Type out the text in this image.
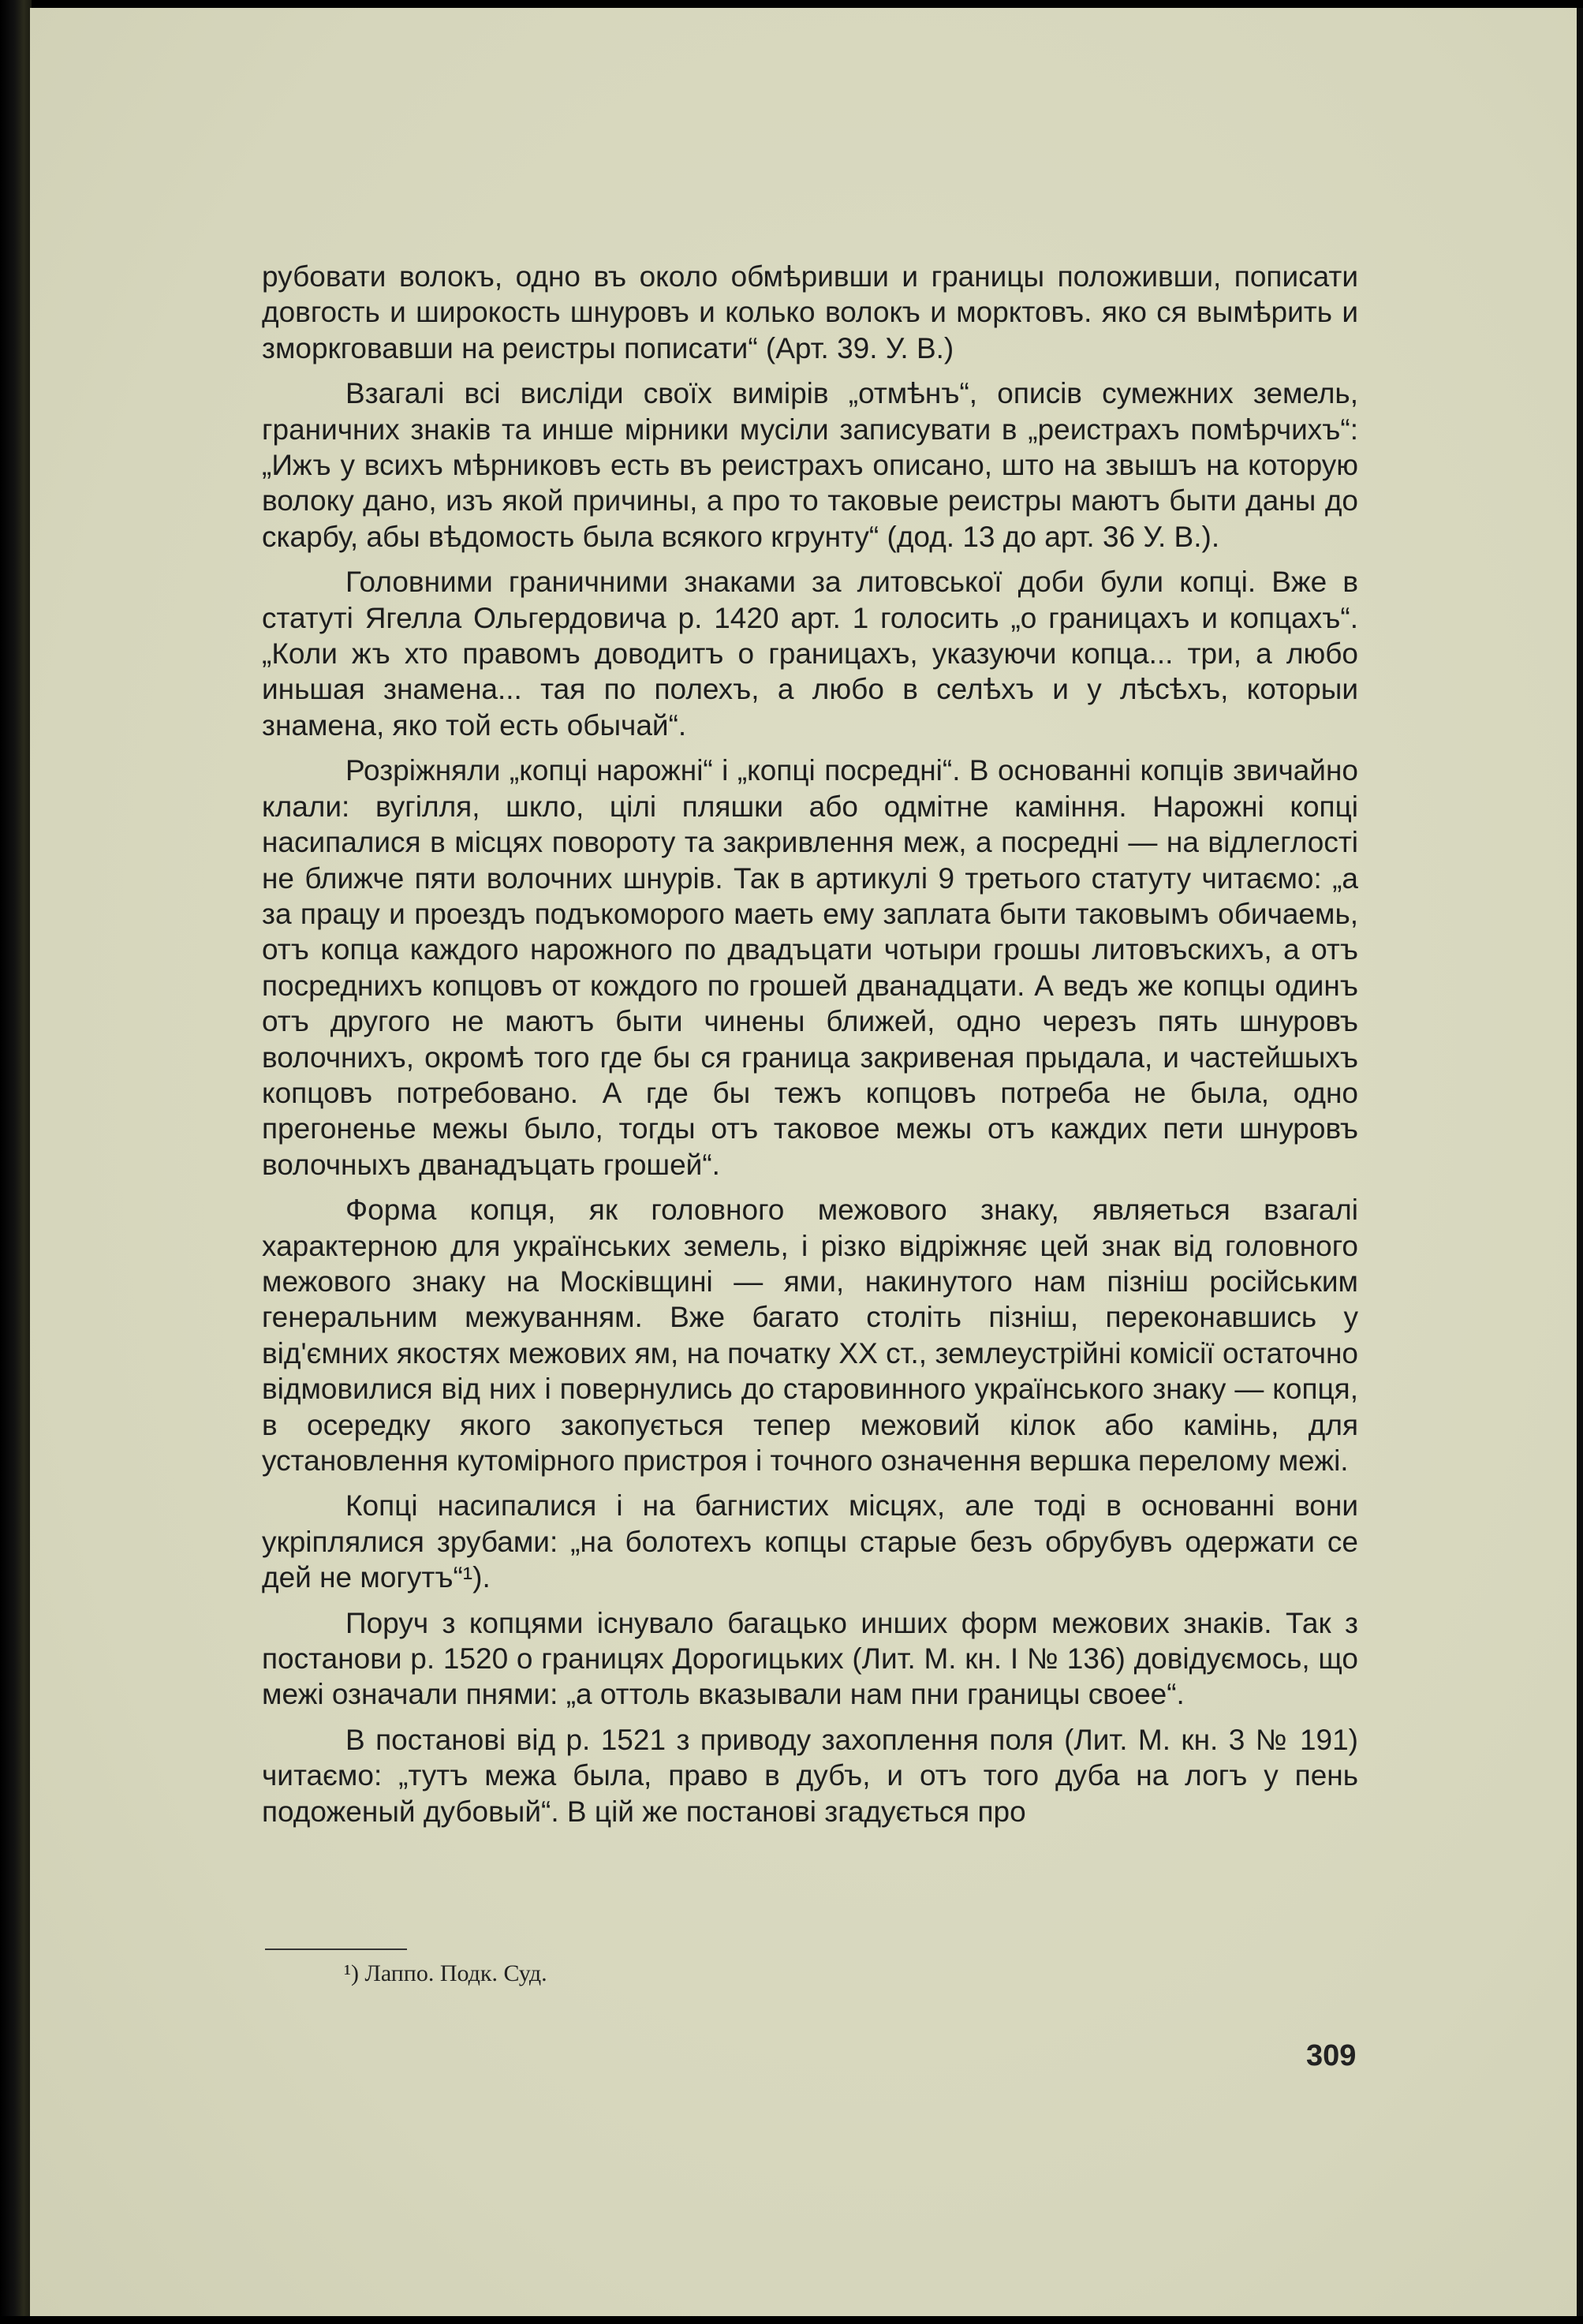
рубовати волокъ, одно въ около обмѣривши и границы положивши, пописати довгость и широкость шнуровъ и колько волокъ и морктовъ. яко ся вымѣрить и зморкговавши на реистры пописати“ (Арт. 39. У. В.)

Взагалі всі висліди своїх вимірів „отмѣнъ“, описів сумежних земель, граничних знаків та инше мірники мусіли записувати в „реистрахъ помѣрчихъ“: „Ижъ у всихъ мѣрниковъ есть въ реистрахъ описано, што на звышъ на которую волоку дано, изъ якой причины, а про то таковые реистры маютъ быти даны до скарбу, абы вѣдомость была всякого кгрунту“ (дод. 13 до арт. 36 У. В.).

Головними граничними знаками за литовської доби були копці. Вже в статуті Ягелла Ольгердовича р. 1420 арт. 1 голосить „о границахъ и копцахъ“. „Коли жъ хто правомъ доводитъ о границахъ, указуючи копца... три, а любо иньшая знамена... тая по полехъ, а любо в селѣхъ и у лѣсѣхъ, которыи знамена, яко той есть обычай“.

Розріжняли „копці нарожні“ і „копці посредні“. В основанні копців звичайно клали: вугілля, шкло, цілі пляшки або одмітне каміння. Нарожні копці насипалися в місцях повороту та закривлення меж, а посредні — на відлеглості не ближче пяти волочних шнурів. Так в артикулі 9 третього статуту читаємо: „а за працу и проездъ подъкоморого маеть ему заплата быти таковымъ обичаемь, отъ копца каждого нарожного по двадъцати чотыри грошы литовъскихъ, а отъ посреднихъ копцовъ от кождого по грошей дванадцати. А ведъ же копцы одинъ отъ другого не маютъ быти чинены ближей, одно черезъ пять шнуровъ волочнихъ, окромѣ того где бы ся граница закривеная прыдала, и частейшыхъ копцовъ потребовано. А где бы тежъ копцовъ потреба не была, одно прегоненье межы было, тогды отъ таковое межы отъ каждих пети шнуровъ волочныхъ дванадъцать грошей“.

Форма копця, як головного межового знаку, являеться взагалі характерною для українських земель, і різко відріжняє цей знак від головного межового знаку на Москівщині — ями, накинутого нам пізніш російським генеральним межуванням. Вже багато століть пізніш, переконавшись у від'ємних якостях межових ям, на початку XX ст., землеустрійні комісії остаточно відмовилися від них і повернулись до старовинного українського знаку — копця, в осередку якого закопується тепер межовий кілок або камінь, для установлення кутомірного пристроя і точного означення вершка перелому межі.

Копці насипалися і на багнистих місцях, але тоді в основанні вони укріплялися зрубами: „на болотехъ копцы старые безъ обрубувъ одержати се дей не могутъ“¹).

Поруч з копцями існувало багацько инших форм межових знаків. Так з постанови р. 1520 о границях Дорогицьких (Лит. М. кн. І № 136) довідуємось, що межі означали пнями: „а оттоль вказывали нам пни границы своее“.

В постанові від р. 1521 з приводу захоплення поля (Лит. М. кн. 3 № 191) читаємо: „тутъ межа была, право в дубъ, и отъ того дуба на логъ у пень подоженый дубовый“. В цій же постанові згадується про

¹) Лаппо. Подк. Суд.
309
